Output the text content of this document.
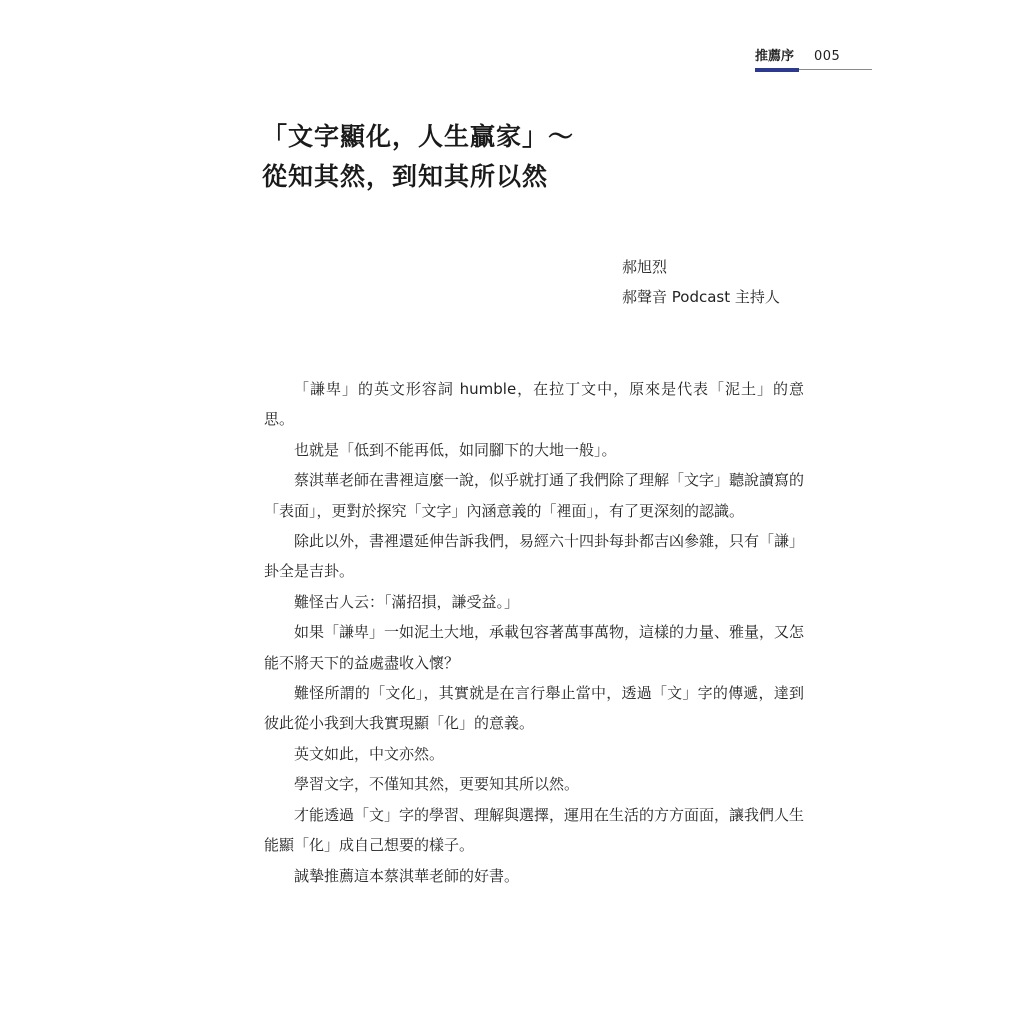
推薦序 005
「文字顯化，人生贏家」～
從知其然，到知其所以然
郝旭烈
郝聲音 Podcast 主持人

「謙卑」的英文形容詞 humble，在拉丁文中，原來是代表「泥土」的意思。

也就是「低到不能再低，如同腳下的大地一般」。

蔡淇華老師在書裡這麼一說，似乎就打通了我們除了理解「文字」聽說讀寫的「表面」，更對於探究「文字」內涵意義的「裡面」，有了更深刻的認識。

除此以外，書裡還延伸告訴我們，易經六十四卦每卦都吉凶參雜，只有「謙」卦全是吉卦。

難怪古人云：「滿招損，謙受益。」

如果「謙卑」一如泥土大地，承載包容著萬事萬物，這樣的力量、雅量，又怎能不將天下的益處盡收入懷？

難怪所謂的「文化」，其實就是在言行舉止當中，透過「文」字的傳遞，達到彼此從小我到大我實現顯「化」的意義。

英文如此，中文亦然。

學習文字，不僅知其然，更要知其所以然。

才能透過「文」字的學習、理解與選擇，運用在生活的方方面面，讓我們人生能顯「化」成自己想要的樣子。

誠摯推薦這本蔡淇華老師的好書。
